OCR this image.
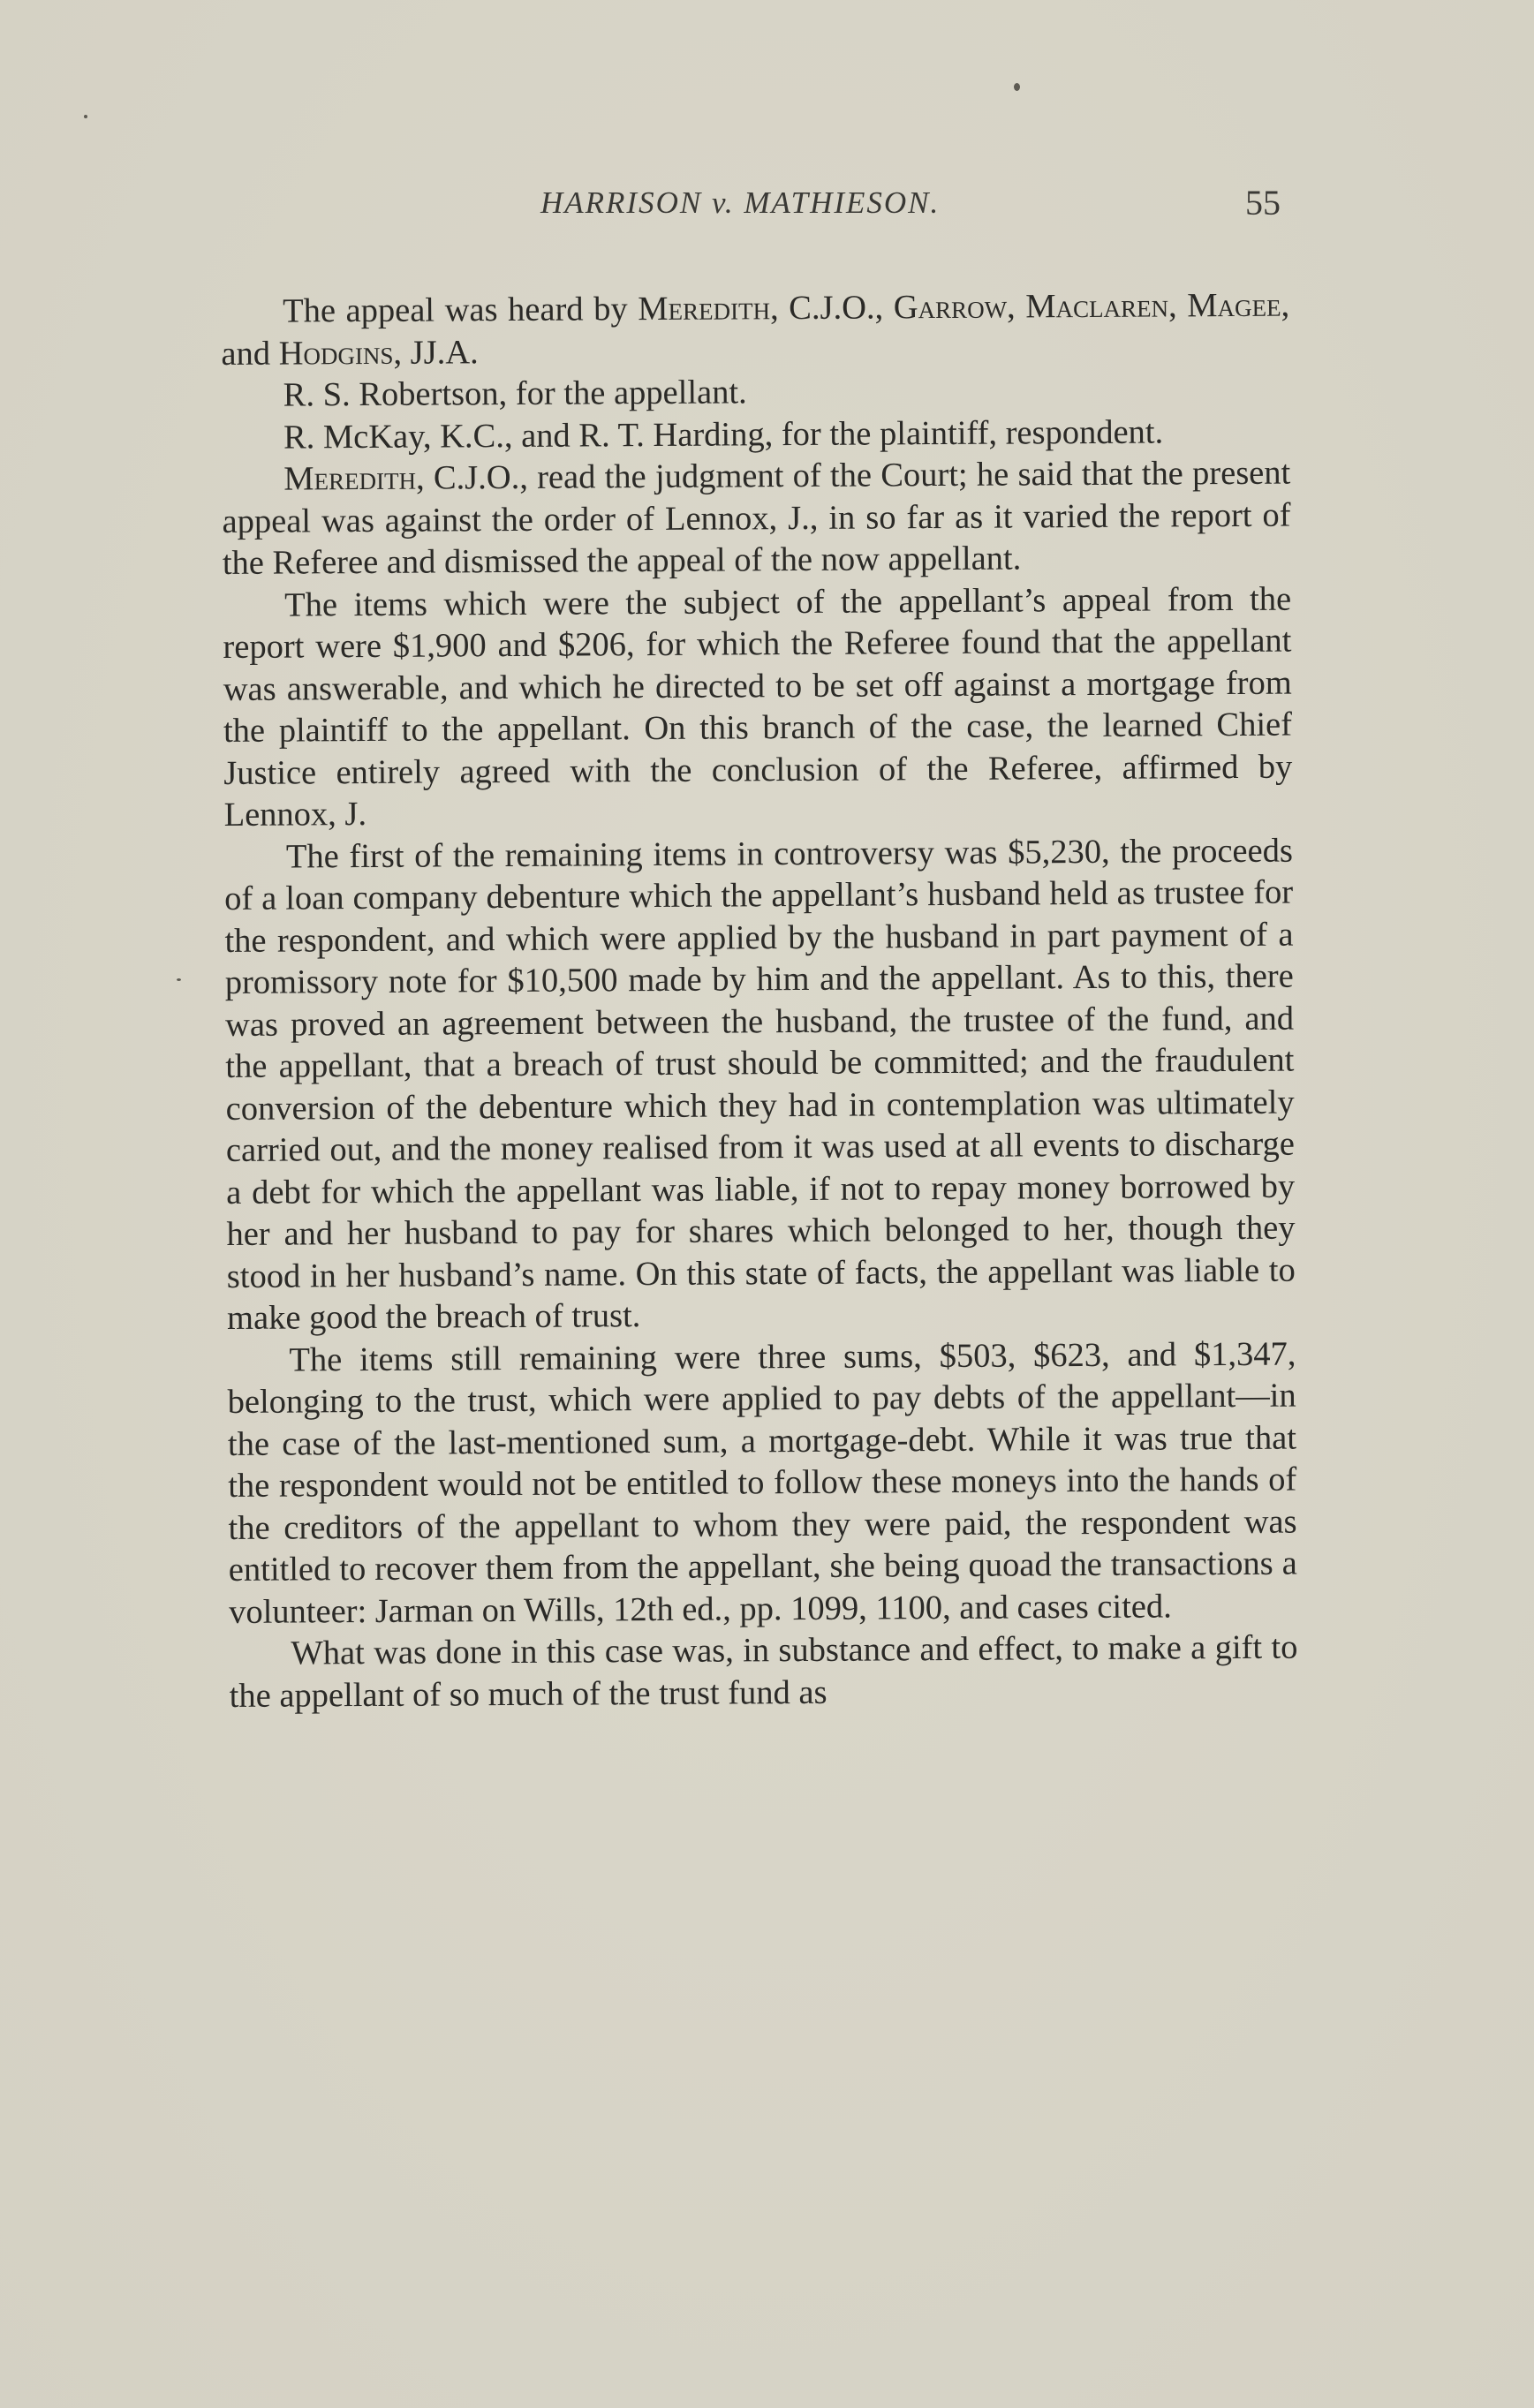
HARRISON v. MATHIESON.	55

The appeal was heard by Meredith, C.J.O., Garrow, Maclaren, Magee, and Hodgins, JJ.A.

R. S. Robertson, for the appellant.

R. McKay, K.C., and R. T. Harding, for the plaintiff, respondent.

Meredith, C.J.O., read the judgment of the Court; he said that the present appeal was against the order of Lennox, J., in so far as it varied the report of the Referee and dismissed the appeal of the now appellant.

The items which were the subject of the appellant’s appeal from the report were $1,900 and $206, for which the Referee found that the appellant was answerable, and which he directed to be set off against a mortgage from the plaintiff to the appellant. On this branch of the case, the learned Chief Justice entirely agreed with the conclusion of the Referee, affirmed by Lennox, J.

The first of the remaining items in controversy was $5,230, the proceeds of a loan company debenture which the appellant’s husband held as trustee for the respondent, and which were applied by the husband in part payment of a promissory note for $10,500 made by him and the appellant. As to this, there was proved an agreement between the husband, the trustee of the fund, and the appellant, that a breach of trust should be committed; and the fraudulent conversion of the debenture which they had in contemplation was ultimately carried out, and the money realised from it was used at all events to discharge a debt for which the appellant was liable, if not to repay money borrowed by her and her husband to pay for shares which belonged to her, though they stood in her husband’s name. On this state of facts, the appellant was liable to make good the breach of trust.

The items still remaining were three sums, $503, $623, and $1,347, belonging to the trust, which were applied to pay debts of the appellant—in the case of the last-mentioned sum, a mortgage-debt. While it was true that the respondent would not be entitled to follow these moneys into the hands of the creditors of the appellant to whom they were paid, the respondent was entitled to recover them from the appellant, she being quoad the transactions a volunteer: Jarman on Wills, 12th ed., pp. 1099, 1100, and cases cited.

What was done in this case was, in substance and effect, to make a gift to the appellant of so much of the trust fund as
